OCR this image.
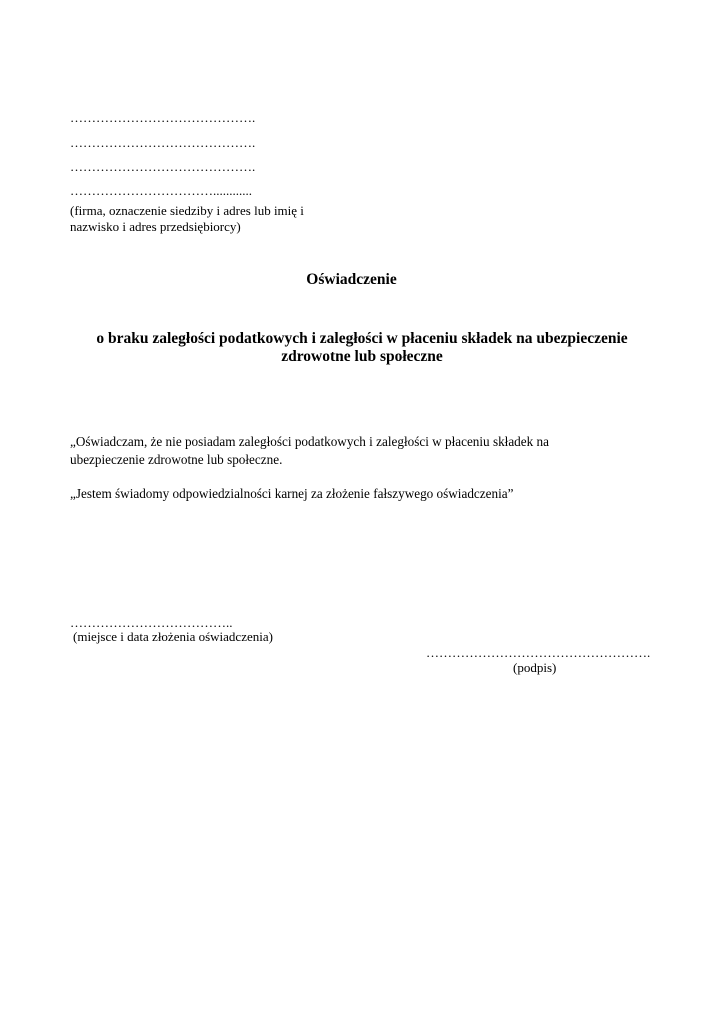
…………………………………….
…………………………………….
…………………………………….
……………………………............
(firma, oznaczenie siedziby i adres lub imię i
nazwisko i adres przedsiębiorcy)
Oświadczenie
o braku zaległości podatkowych i zaległości w płaceniu składek na ubezpieczenie
zdrowotne lub społeczne
„Oświadczam, że nie posiadam zaległości podatkowych i zaległości w płaceniu składek na
ubezpieczenie zdrowotne lub społeczne.
„Jestem świadomy odpowiedzialności karnej za złożenie fałszywego oświadczenia”
………………………………..
(miejsce i data złożenia oświadczenia)
…………………………………………….
(podpis)
